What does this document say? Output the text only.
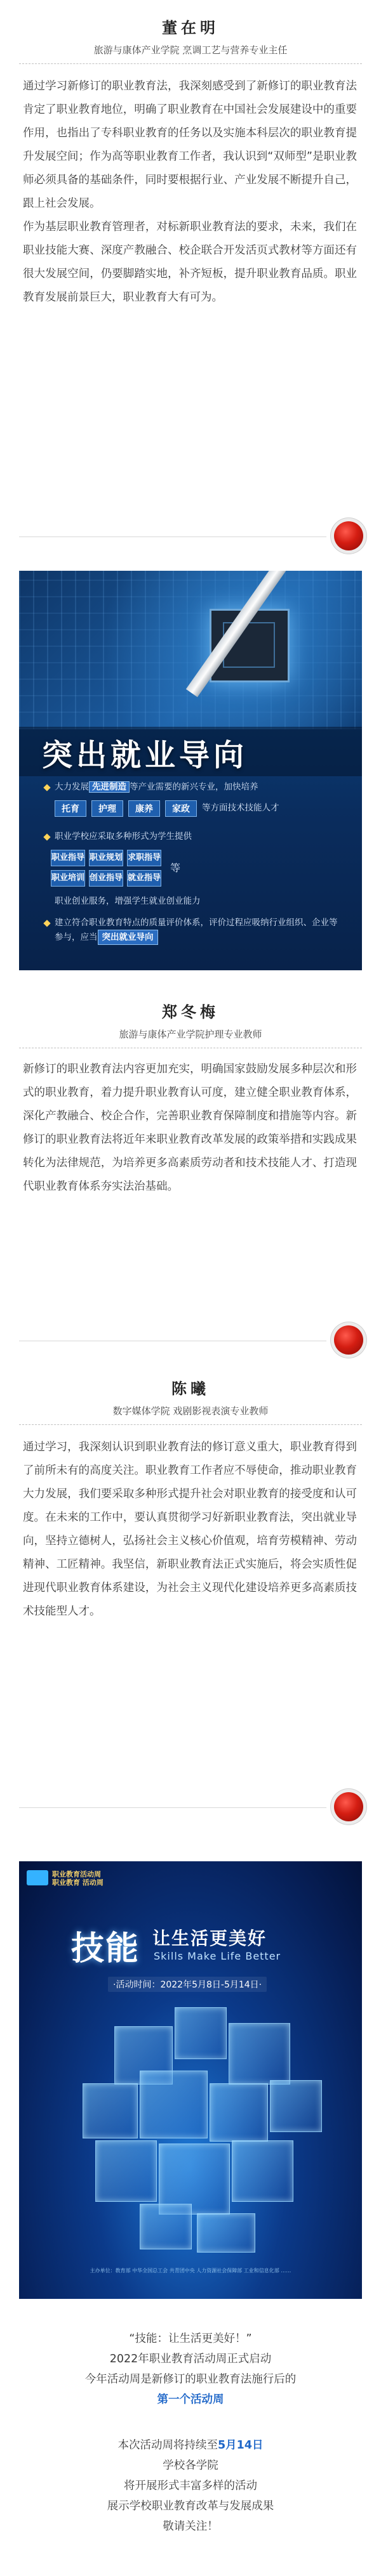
董在明
旅游与康体产业学院 烹调工艺与营养专业主任

通过学习新修订的职业教育法，我深刻感受到了新修订的职业教育法肯定了职业教育地位，明确了职业教育在中国社会发展建设中的重要作用，也指出了专科职业教育的任务以及实施本科层次的职业教育提升发展空间；作为高等职业教育工作者，我认识到“双师型”是职业教师必须具备的基础条件，同时要根据行业、产业发展不断提升自己，跟上社会发展。

作为基层职业教育管理者，对标新职业教育法的要求，未来，我们在职业技能大赛、深度产教融合、校企联合开发活页式教材等方面还有很大发展空间，仍要脚踏实地，补齐短板，提升职业教育品质。职业教育发展前景巨大，职业教育大有可为。

突出就业导向
大力发展 先进制造 等产业需要的新兴专业，加快培养
托育	护理	康养	家政	等方面技术技能人才
职业学校应采取多种形式为学生提供
职业指导 职业规划 求职指导
职业培训 创业指导 就业指导
等
职业创业服务，增强学生就业创业能力
建立符合职业教育特点的质量评价体系，评价过程应吸纳行业组织、企业等参与，应当 突出就业导向
郑冬梅
旅游与康体产业学院护理专业教师

新修订的职业教育法内容更加充实，明确国家鼓励发展多种层次和形式的职业教育，着力提升职业教育认可度，建立健全职业教育体系，深化产教融合、校企合作，完善职业教育保障制度和措施等内容。新修订的职业教育法将近年来职业教育改革发展的政策举措和实践成果转化为法律规范，为培养更多高素质劳动者和技术技能人才、打造现代职业教育体系夯实法治基础。

陈曦
数字媒体学院 戏剧影视表演专业教师

通过学习，我深刻认识到职业教育法的修订意义重大，职业教育得到了前所未有的高度关注。职业教育工作者应不辱使命，推动职业教育大力发展，我们要采取多种形式提升社会对职业教育的接受度和认可度。在未来的工作中，要认真贯彻学习好新职业教育法，突出就业导向，坚持立德树人，弘扬社会主义核心价值观，培育劳模精神、劳动精神、工匠精神。我坚信，新职业教育法正式实施后，将会实质性促进现代职业教育体系建设，为社会主义现代化建设培养更多高素质技术技能型人才。

职业教育活动周
职业教育 活动周
技能 让生活更美好
Skills Make Life Better
·活动时间：2022年5月8日-5月14日·
主办单位：教育部 中华全国总工会 共青团中央 人力资源社会保障部 工业和信息化部 ……
“技能：让生活更美好！”
2022年职业教育活动周正式启动
今年活动周是新修订的职业教育法施行后的
第一个活动周
本次活动周将持续至5月14日
学校各学院
将开展形式丰富多样的活动
展示学校职业教育改革与发展成果
敬请关注！
